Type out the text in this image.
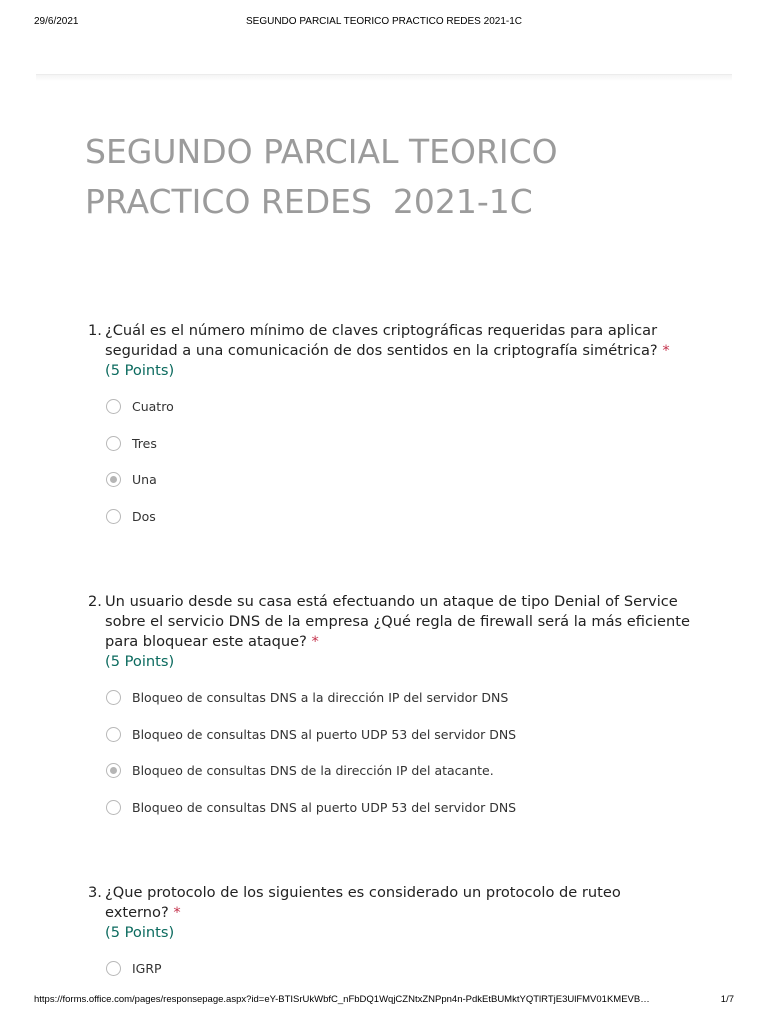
29/6/2021	SEGUNDO PARCIAL TEORICO PRACTICO REDES 2021-1C
SEGUNDO PARCIAL TEORICO
PRACTICO REDES  2021-1C
1. ¿Cuál es el número mínimo de claves criptográficas requeridas para aplicar
seguridad a una comunicación de dos sentidos en la criptografía simétrica? *
(5 Points)
Cuatro
Tres
Una
Dos
2. Un usuario desde su casa está efectuando un ataque de tipo Denial of Service
sobre el servicio DNS de la empresa ¿Qué regla de firewall será la más eficiente
para bloquear este ataque? *
(5 Points)
Bloqueo de consultas DNS a la dirección IP del servidor DNS
Bloqueo de consultas DNS al puerto UDP 53 del servidor DNS
Bloqueo de consultas DNS de la dirección IP del atacante.
Bloqueo de consultas DNS al puerto UDP 53 del servidor DNS
3. ¿Que protocolo de los siguientes es considerado un protocolo de ruteo
externo? *
(5 Points)
IGRP
https://forms.office.com/pages/responsepage.aspx?id=eY-BTISrUkWbfC_nFbDQ1WqjCZNtxZNPpn4n-PdkEtBUMktYQTlRTjE3UlFMV01KMEVB…	1/7
